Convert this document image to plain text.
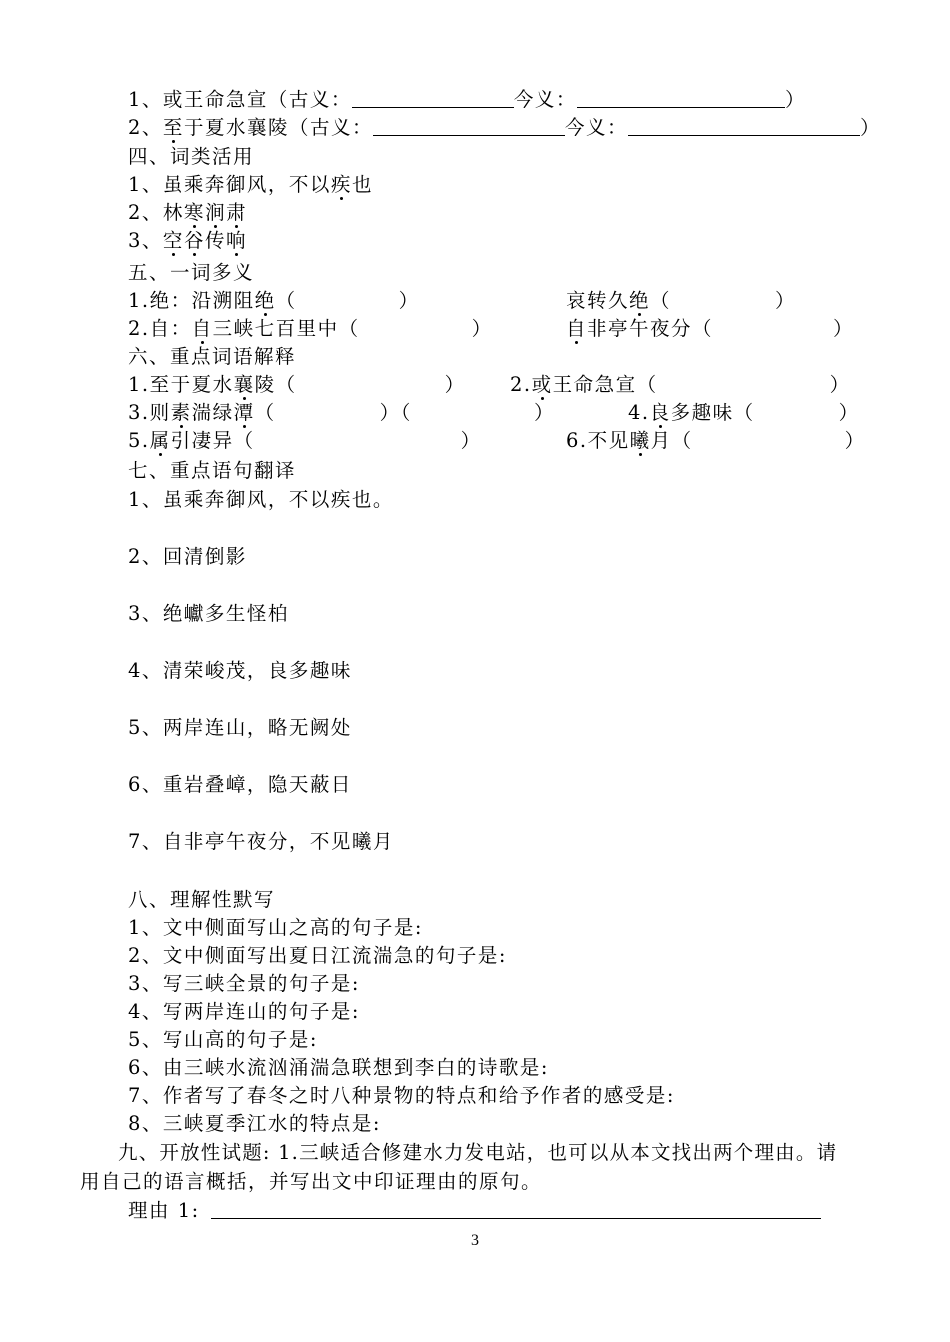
1、或王命急宣（古义：	今义：	）
2、至于夏水襄陵（古义：	今义：	）
四、词类活用
1、虽乘奔御风，不以疾也
2、林寒涧肃
3、空谷传响
五、一词多义
1.绝：沿溯阻绝（	）	哀转久绝（	）
2.自：自三峡七百里中（	）	自非亭午夜分（	）
六、重点词语解释
1.至于夏水襄陵（	） 2.或王命急宣（	）
3.则素湍绿潭（	）（	）	4.良多趣味（	）
5.属引凄异（	）	6.不见曦月（	）
七、重点语句翻译
1、虽乘奔御风，不以疾也。
2、回清倒影
3、绝巘多生怪柏
4、清荣峻茂，良多趣味
5、两岸连山，略无阙处
6、重岩叠嶂，隐天蔽日
7、自非亭午夜分，不见曦月
八、理解性默写
1、文中侧面写山之高的句子是:
2、文中侧面写出夏日江流湍急的句子是:
3、写三峡全景的句子是:
4、写两岸连山的句子是:
5、写山高的句子是:
6、由三峡水流汹涌湍急联想到李白的诗歌是:
7、作者写了春冬之时八种景物的特点和给予作者的感受是:
8、三峡夏季江水的特点是:
九、开放性试题: 1.三峡适合修建水力发电站，也可以从本文找出两个理由。请
用自己的语言概括，并写出文中印证理由的原句。
理由 1:
3
